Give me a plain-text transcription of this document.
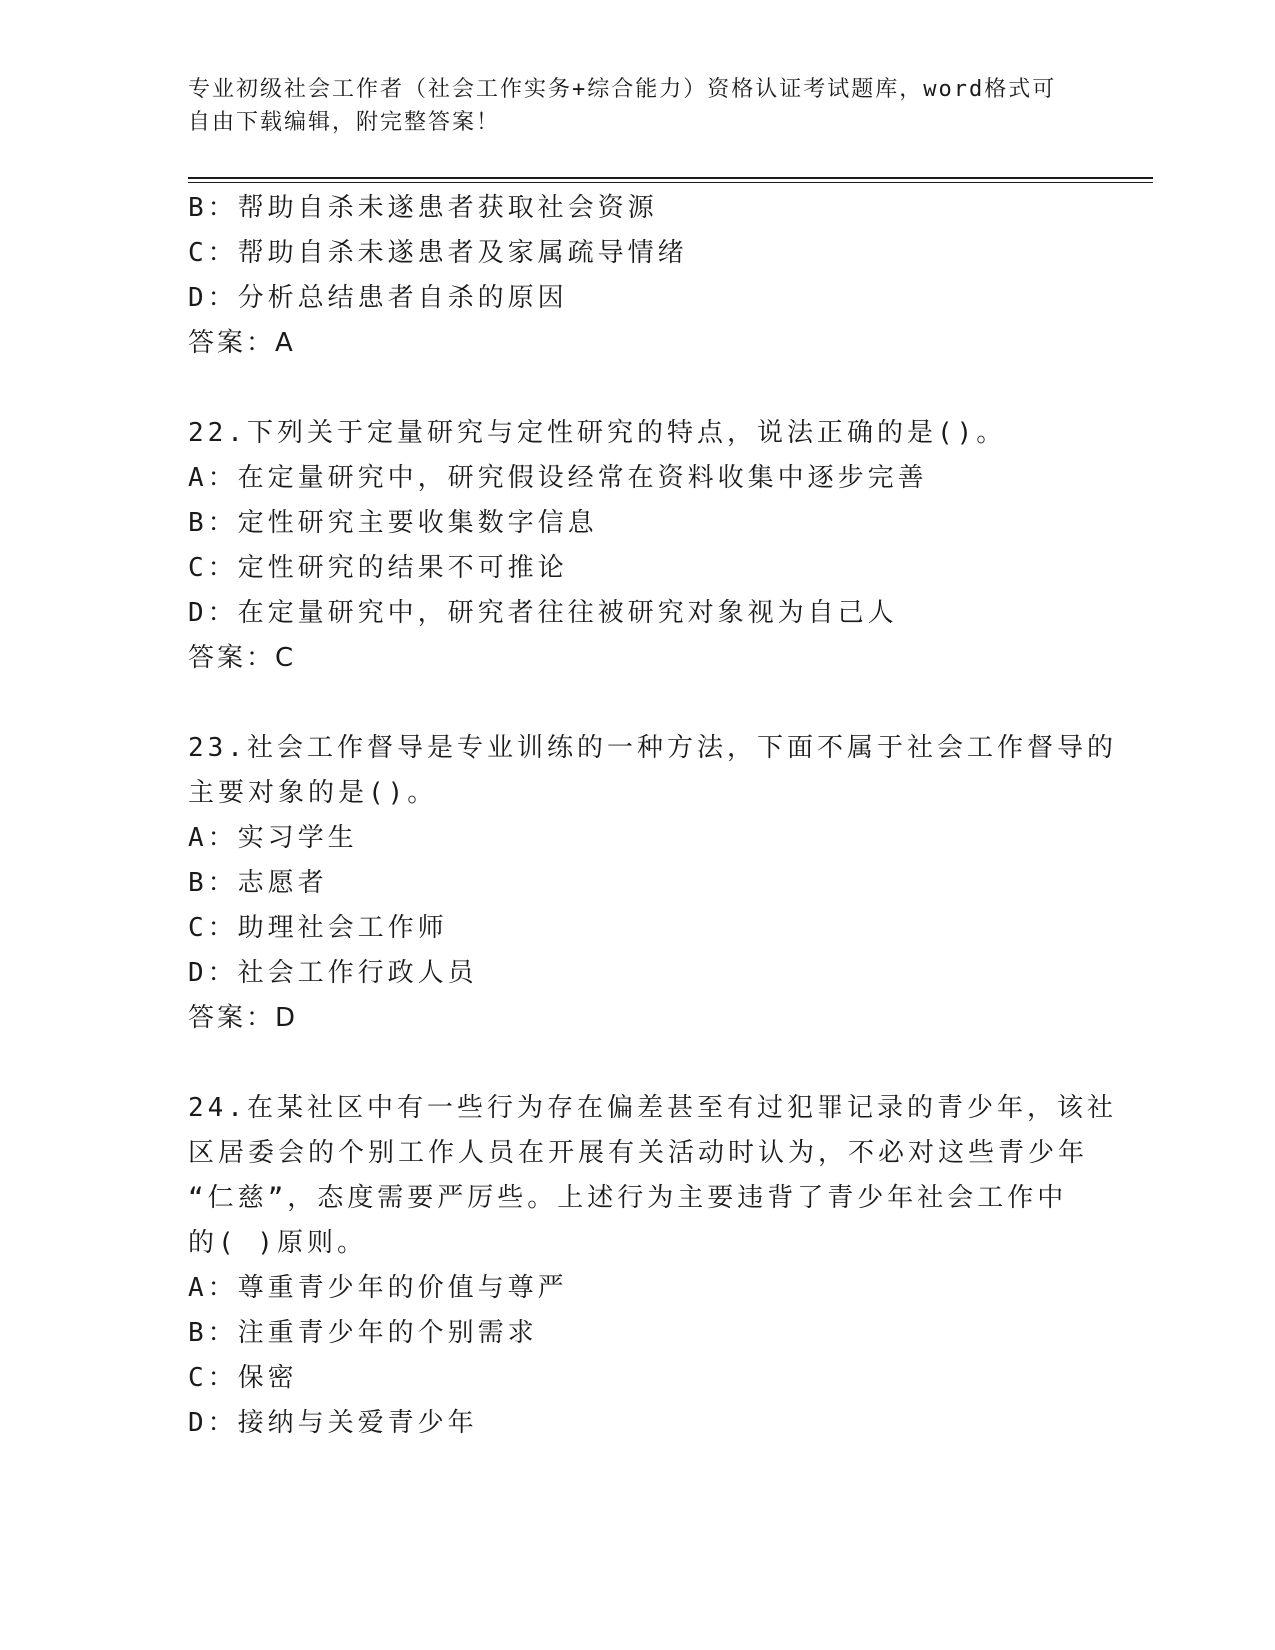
专业初级社会工作者（社会工作实务+综合能力）资格认证考试题库，word格式可
自由下载编辑，附完整答案！
B：帮助自杀未遂患者获取社会资源
C：帮助自杀未遂患者及家属疏导情绪
D：分析总结患者自杀的原因
答案：A
22.下列关于定量研究与定性研究的特点，说法正确的是()。
A：在定量研究中，研究假设经常在资料收集中逐步完善
B：定性研究主要收集数字信息
C：定性研究的结果不可推论
D：在定量研究中，研究者往往被研究对象视为自己人
答案：C
23.社会工作督导是专业训练的一种方法，下面不属于社会工作督导的
主要对象的是()。
A：实习学生
B：志愿者
C：助理社会工作师
D：社会工作行政人员
答案：D
24.在某社区中有一些行为存在偏差甚至有过犯罪记录的青少年，该社
区居委会的个别工作人员在开展有关活动时认为，不必对这些青少年
“仁慈”，态度需要严厉些。上述行为主要违背了青少年社会工作中
的( )原则。
A：尊重青少年的价值与尊严
B：注重青少年的个别需求
C：保密
D：接纳与关爱青少年
